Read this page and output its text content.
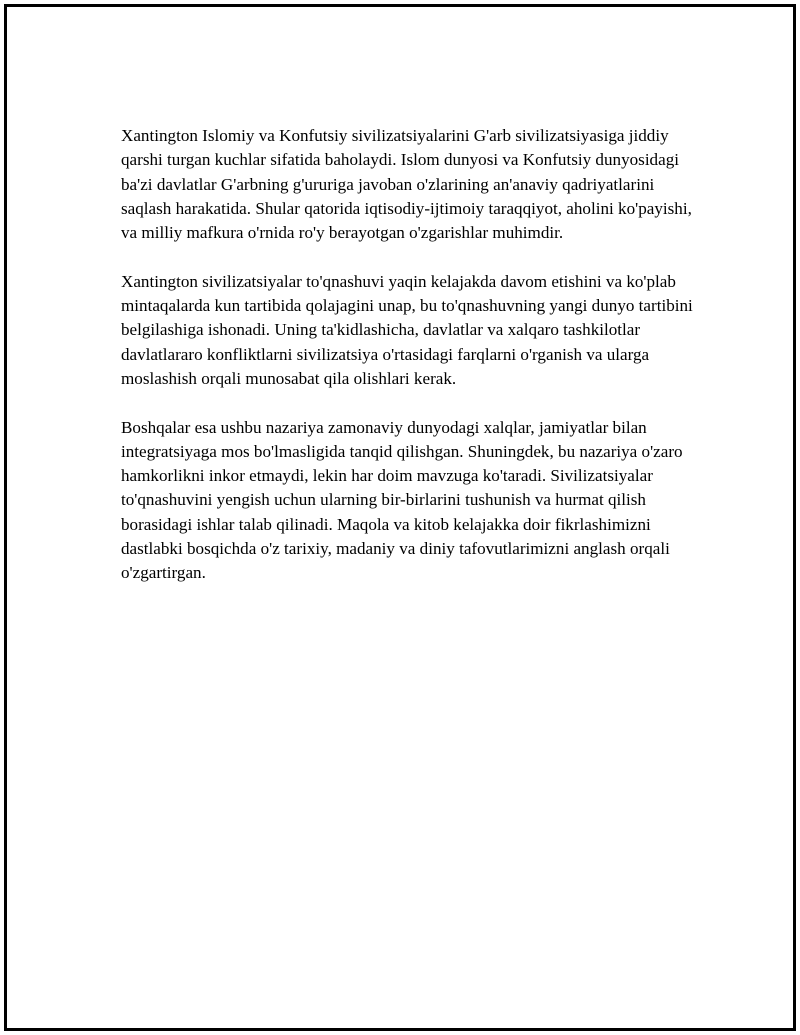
Xantington Islomiy va Konfutsiy sivilizatsiyalarini G'arb sivilizatsiyasiga jiddiy qarshi turgan kuchlar sifatida baholaydi. Islom dunyosi va Konfutsiy dunyosidagi ba'zi davlatlar G'arbning g'ururiga javoban o'zlarining an'anaviy qadriyatlarini saqlash harakatida. Shular qatorida iqtisodiy-ijtimoiy taraqqiyot, aholini ko'payishi, va milliy mafkura o'rnida ro'y berayotgan o'zgarishlar muhimdir.

Xantington sivilizatsiyalar to'qnashuvi yaqin kelajakda davom etishini va ko'plab mintaqalarda kun tartibida qolajagini unap, bu to'qnashuvning yangi dunyo tartibini belgilashiga ishonadi. Uning ta'kidlashicha, davlatlar va xalqaro tashkilotlar davlatlararo konfliktlarni sivilizatsiya o'rtasidagi farqlarni o'rganish va ularga moslashish orqali munosabat qila olishlari kerak.

Boshqalar esa ushbu nazariya zamonaviy dunyodagi xalqlar, jamiyatlar bilan integratsiyaga mos bo'lmasligida tanqid qilishgan. Shuningdek, bu nazariya o'zaro hamkorlikni inkor etmaydi, lekin har doim mavzuga ko'taradi. Sivilizatsiyalar to'qnashuvini yengish uchun ularning bir-birlarini tushunish va hurmat qilish borasidagi ishlar talab qilinadi. Maqola va kitob kelajakka doir fikrlashimizni dastlabki bosqichda o'z tarixiy, madaniy va diniy tafovutlarimizni anglash orqali o'zgartirgan.
